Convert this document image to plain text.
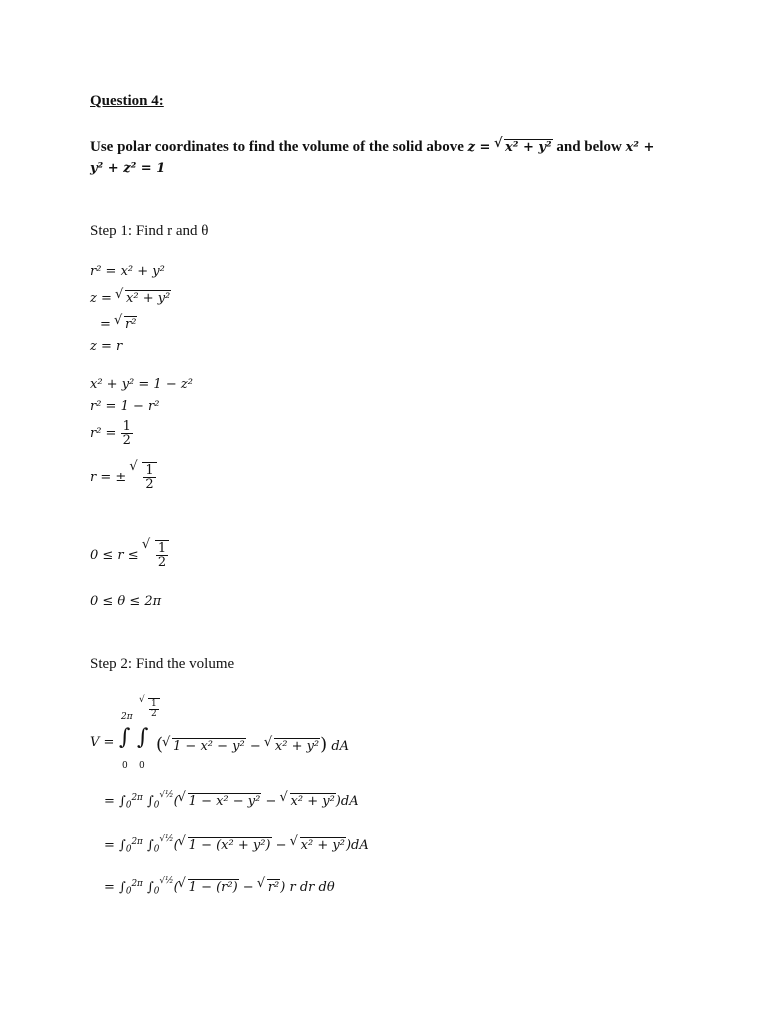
Question 4:
Use polar coordinates to find the volume of the solid above z = √ x² + y² and below x² +
y² + z² = 1
Step 1: Find r and θ
r² = x² + y²
z = √ x² + y²
= √ r²
z = r
x² + y² = 1 − z²
r² = 1 − r²
$r^2 = \frac{1}{2}$
r = ±
√ $\frac{1}{2}$
0 ≤ r ≤
√ $\frac{1}{2}$
0 ≤ θ ≤ 2π
Step 2: Find the volume
V =
2π
√ $\frac{1}{2}$
∫ ∫
0 0
(√ 1 − x² − y² − √ x² + y²) dA
= $\int_0^{2\pi}$ $\int_0^{√\frac{1}{2}}(√$ 1 − x² − y² − √ x² + y²)dA
= $\int_0^{2\pi}$ $\int_0^{√\frac{1}{2}}(√$ 1 − (x² + y²) − √ x² + y²)dA
= $\int_0^{2\pi}$ $\int_0^{√\frac{1}{2}}(√$ 1 − (r²) − √ r²) r dr dθ
